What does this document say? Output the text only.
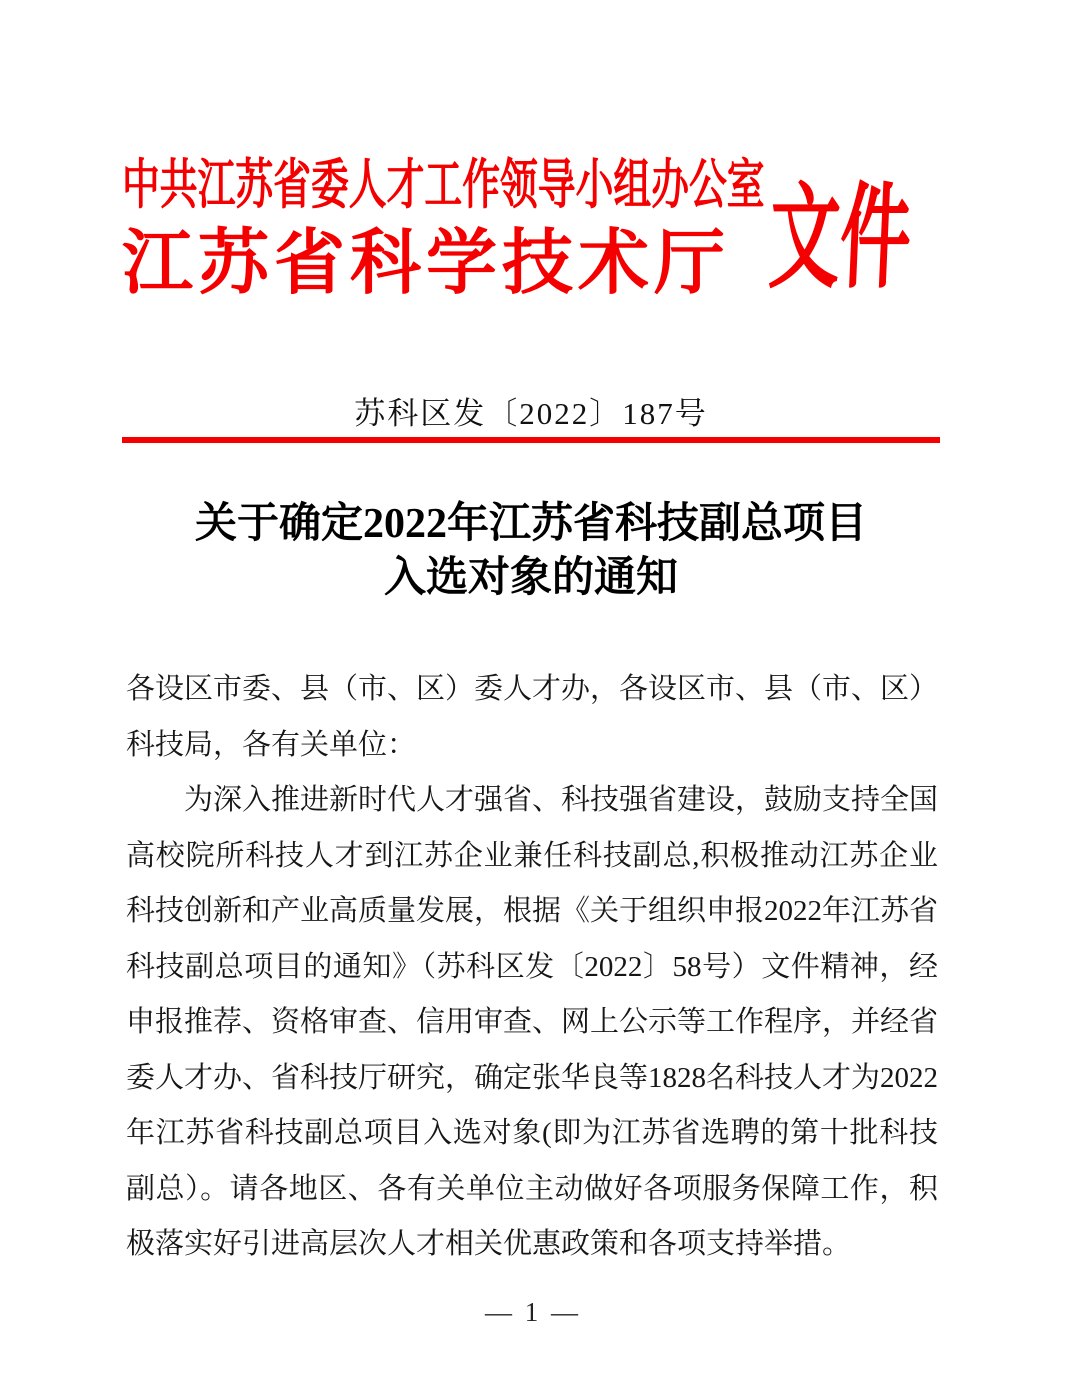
中共江苏省委人才工作领导小组办公室
江苏省科学技术厅 文件
苏科区发〔2022〕187号
关于确定2022年江苏省科技副总项目
入选对象的通知

各设区市委、县（市、区）委人才办，各设区市、县（市、区）科技局，各有关单位：

为深入推进新时代人才强省、科技强省建设，鼓励支持全国高校院所科技人才到江苏企业兼任科技副总,积极推动江苏企业科技创新和产业高质量发展，根据《关于组织申报2022年江苏省科技副总项目的通知》（苏科区发〔2022〕58号）文件精神，经申报推荐、资格审查、信用审查、网上公示等工作程序，并经省委人才办、省科技厅研究，确定张华良等1828名科技人才为2022年江苏省科技副总项目入选对象(即为江苏省选聘的第十批科技副总）。请各地区、各有关单位主动做好各项服务保障工作，积极落实好引进高层次人才相关优惠政策和各项支持举措。

— 1 —
